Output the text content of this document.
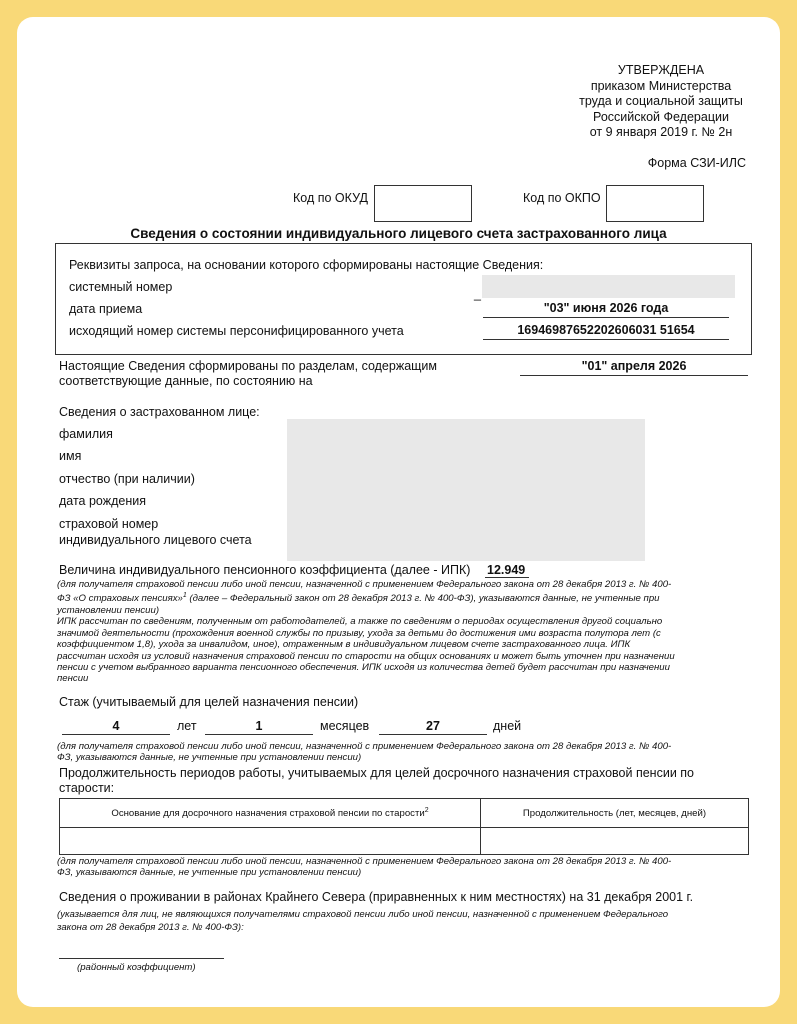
УТВЕРЖДЕНА
приказом Министерства
труда и социальной защиты
Российской Федерации
от 9 января 2019 г. № 2н
Форма СЗИ-ИЛС
Код по ОКУД	Код по ОКПО
Сведения о состоянии индивидуального лицевого счета застрахованного лица
Реквизиты запроса, на основании которого сформированы настоящие Сведения:
системный номер	_
дата приема	"03" июня 2026 года
исходящий номер системы персонифицированного учета	16946987652202606031 51654
Настоящие Сведения сформированы по разделам, содержащим
соответствующие данные, по состоянию на
"01" апреля 2026
Сведения о застрахованном лице:
фамилия
имя
отчество (при наличии)
дата рождения
страховой номер
индивидуального лицевого счета
Величина индивидуального пенсионного коэффициента (далее - ИПК) 12.949
(для получателя страховой пенсии либо иной пенсии, назначенной с применением Федерального закона от 28 декабря 2013 г. № 400-
ФЗ «О страховых пенсиях»$^1$ (далее – Федеральный закон от 28 декабря 2013 г. № 400-ФЗ), указываются данные, не учтенные при
установлении пенсии)
ИПК рассчитан по сведениям, полученным от работодателей, а также по сведениям о периодах осуществления другой социально
значимой деятельности (прохождения военной службы по призыву, ухода за детьми до достижения ими возраста полутора лет (с
коэффициентом 1,8), ухода за инвалидом, иное), отраженным в индивидуальном лицевом счете застрахованного лица. ИПК
рассчитан исходя из условий назначения страховой пенсии по старости на общих основаниях и может быть уточнен при назначении
пенсии с учетом выбранного варианта пенсионного обеспечения. ИПК исходя из количества детей будет рассчитан при назначении
пенсии
Стаж (учитываемый для целей назначения пенсии)
4	лет	1	месяцев	27	дней
(для получателя страховой пенсии либо иной пенсии, назначенной с применением Федерального закона от 28 декабря 2013 г. № 400-
ФЗ, указываются данные, не учтенные при установлении пенсии)
Продолжительность периодов работы, учитываемых для целей досрочного назначения страховой пенсии по
старости:
Основание для досрочного назначения страховой пенсии по старости$^2$	Продолжительность (лет, месяцев, дней)

(для получателя страховой пенсии либо иной пенсии, назначенной с применением Федерального закона от 28 декабря 2013 г. № 400-
ФЗ, указываются данные, не учтенные при установлении пенсии)
Сведения о проживании в районах Крайнего Севера (приравненных к ним местностях) на 31 декабря 2001 г.
(указывается для лиц, не являющихся получателями страховой пенсии либо иной пенсии, назначенной с применением Федерального
закона от 28 декабря 2013 г. № 400-ФЗ):
(районный коэффициент)
